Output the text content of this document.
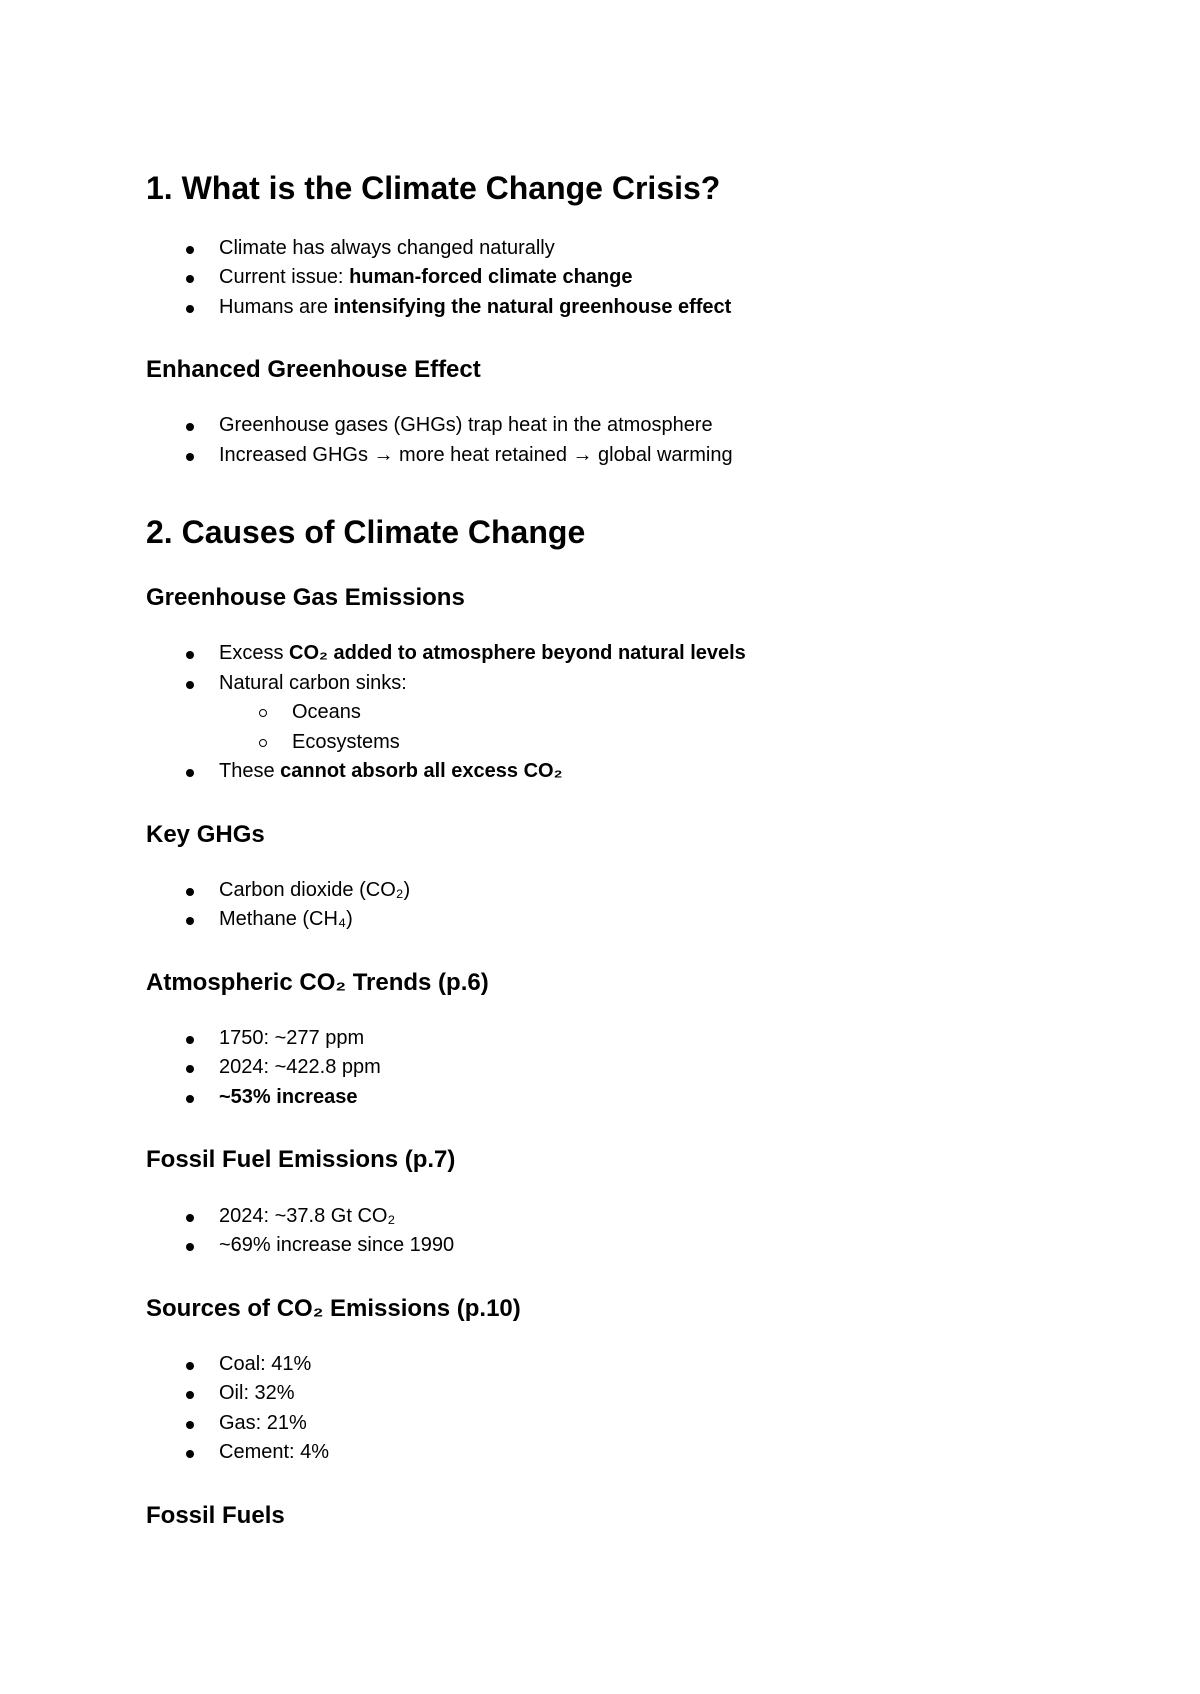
1. What is the Climate Change Crisis?
Climate has always changed naturally
Current issue: human-forced climate change
Humans are intensifying the natural greenhouse effect
Enhanced Greenhouse Effect
Greenhouse gases (GHGs) trap heat in the atmosphere
Increased GHGs → more heat retained → global warming
2. Causes of Climate Change
Greenhouse Gas Emissions
Excess CO₂ added to atmosphere beyond natural levels
Natural carbon sinks:
Oceans
Ecosystems
These cannot absorb all excess CO₂
Key GHGs
Carbon dioxide (CO₂)
Methane (CH₄)
Atmospheric CO₂ Trends (p.6)
1750: ~277 ppm
2024: ~422.8 ppm
~53% increase
Fossil Fuel Emissions (p.7)
2024: ~37.8 Gt CO₂
~69% increase since 1990
Sources of CO₂ Emissions (p.10)
Coal: 41%
Oil: 32%
Gas: 21%
Cement: 4%
Fossil Fuels
